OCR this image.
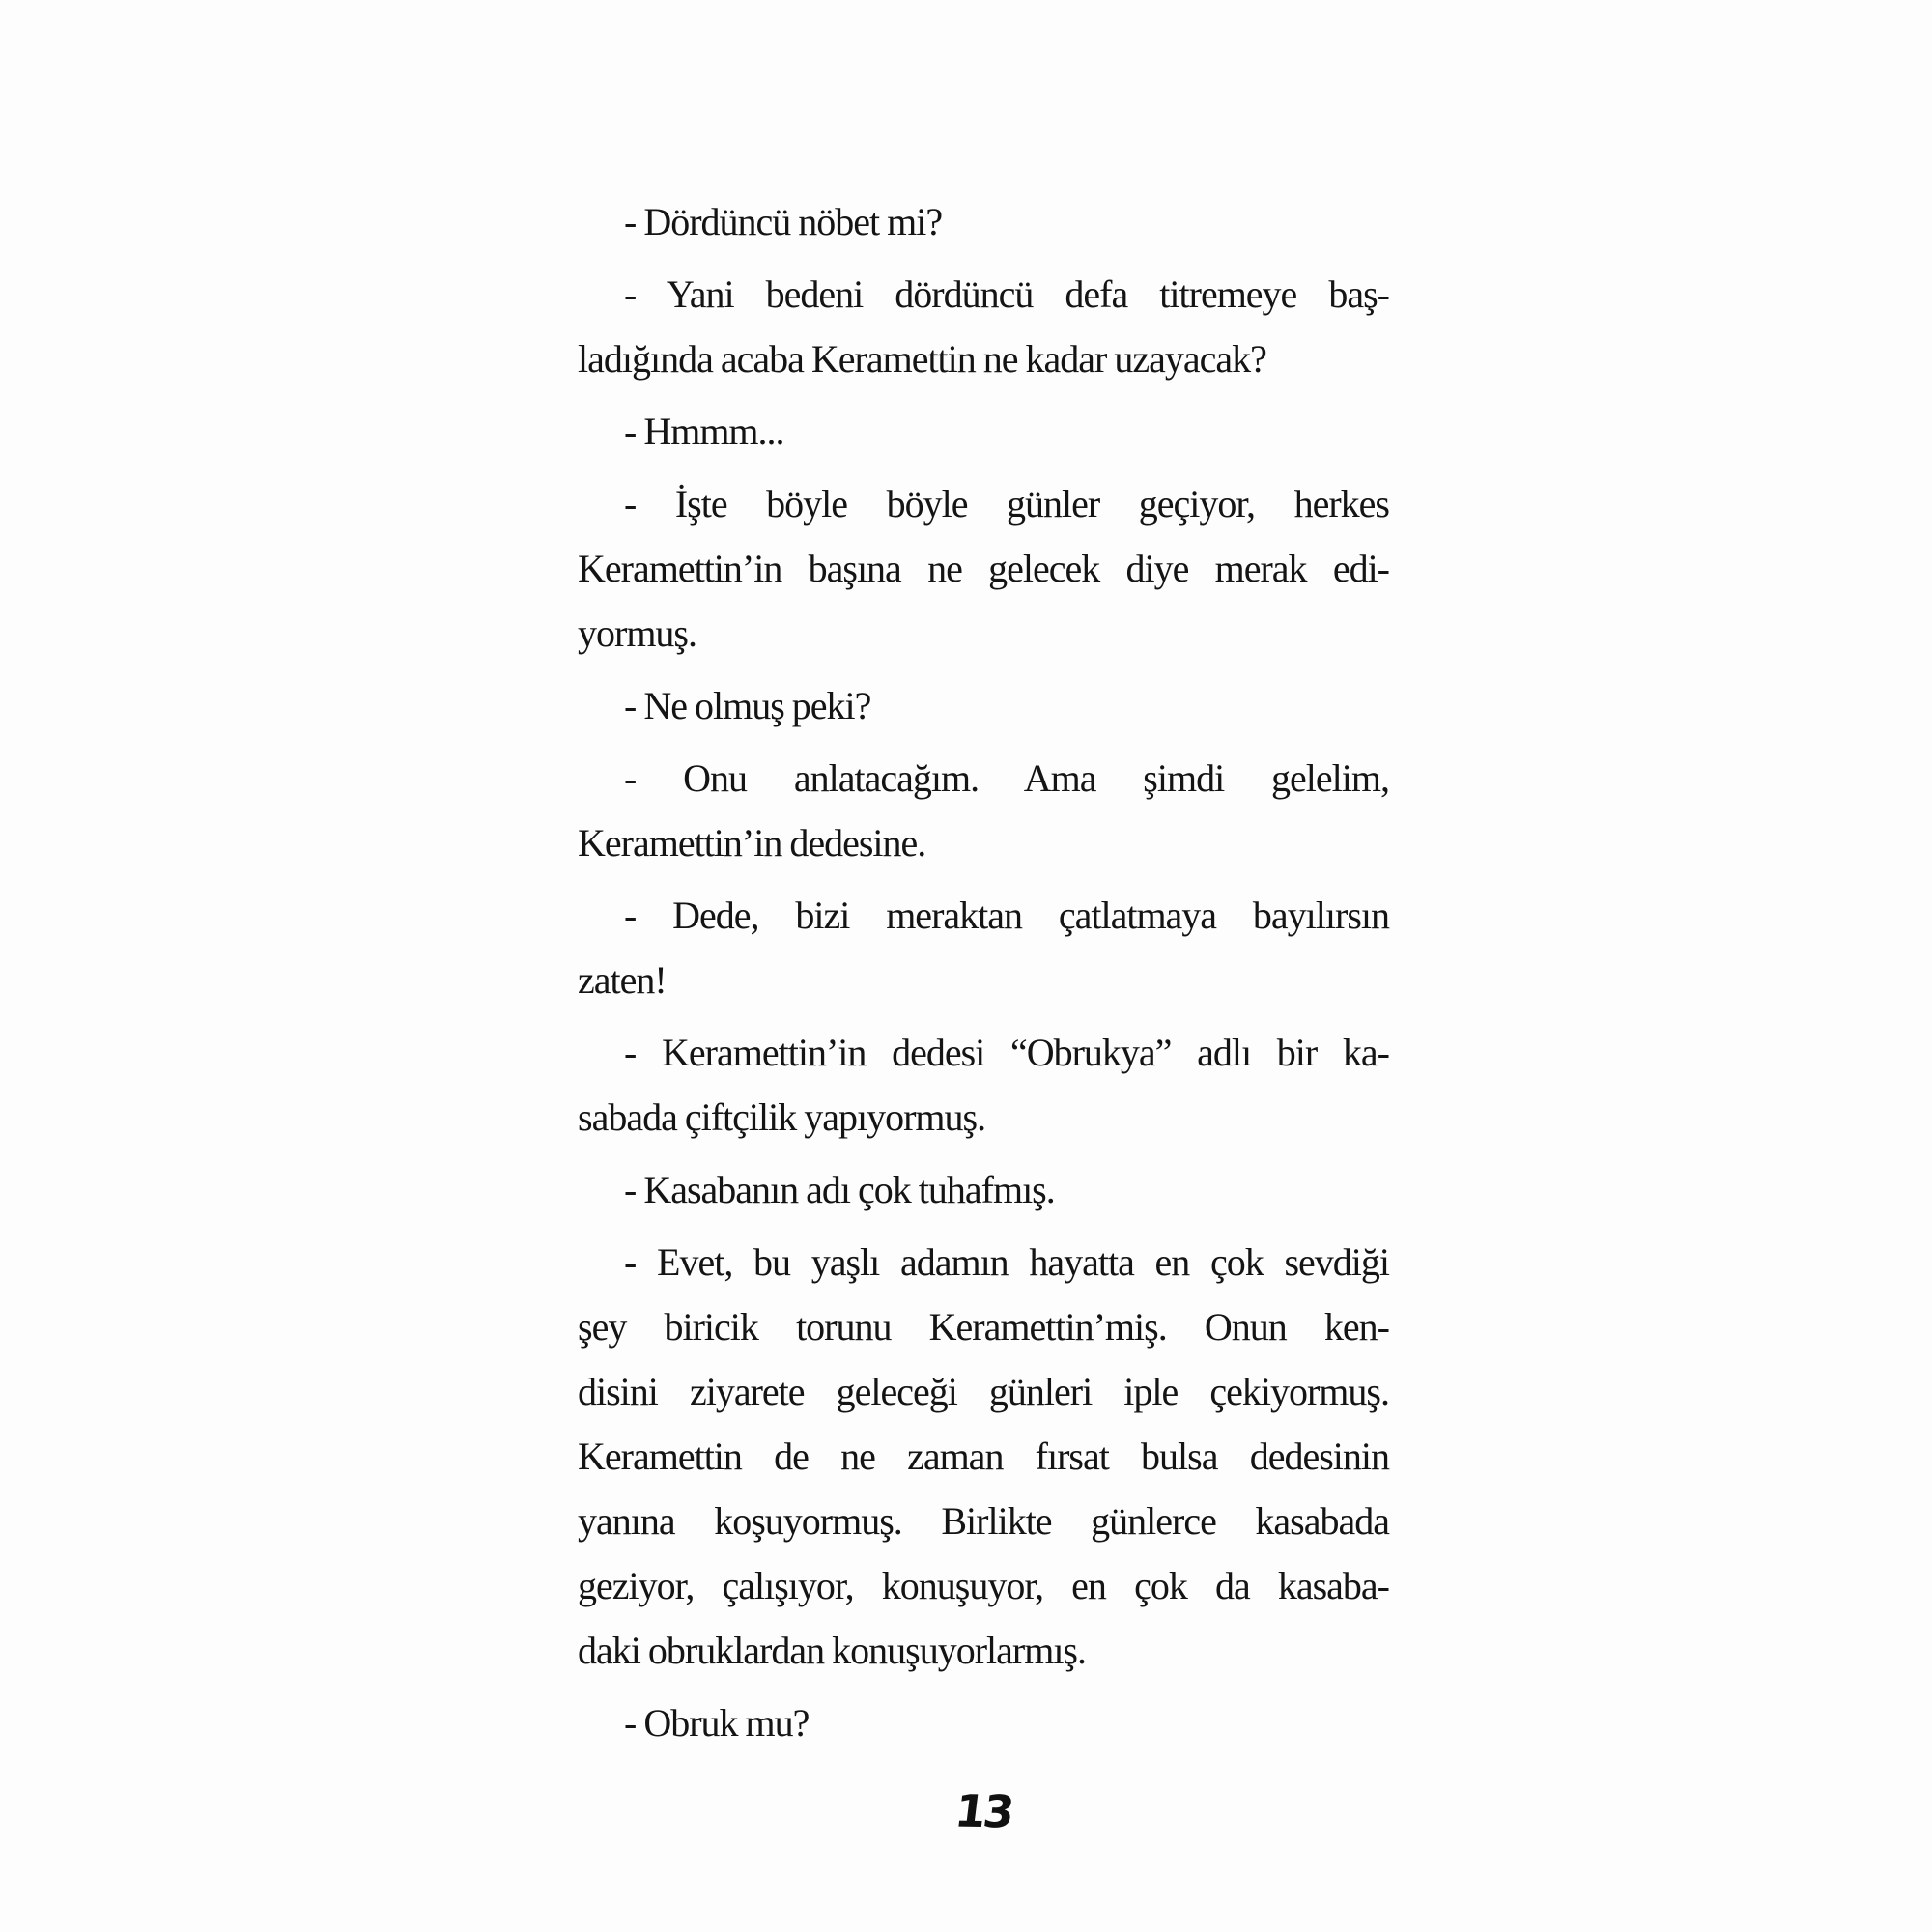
- Dördüncü nöbet mi?
- Yani bedeni dördüncü defa titremeye baş-
ladığında acaba Keramettin ne kadar uzayacak?
- Hmmm...
- İşte böyle böyle günler geçiyor, herkes
Keramettin’in başına ne gelecek diye merak edi-
yormuş.
- Ne olmuş peki?
- Onu anlatacağım. Ama şimdi gelelim,
Keramettin’in dedesine.
- Dede, bizi meraktan çatlatmaya bayılırsın
zaten!
- Keramettin’in dedesi “Obrukya” adlı bir ka-
sabada çiftçilik yapıyormuş.
- Kasabanın adı çok tuhafmış.
- Evet, bu yaşlı adamın hayatta en çok sevdiği
şey biricik torunu Keramettin’miş. Onun ken-
disini ziyarete geleceği günleri iple çekiyormuş.
Keramettin de ne zaman fırsat bulsa dedesinin
yanına koşuyormuş. Birlikte günlerce kasabada
geziyor, çalışıyor, konuşuyor, en çok da kasaba-
daki obruklardan konuşuyorlarmış.
- Obruk mu?
13
